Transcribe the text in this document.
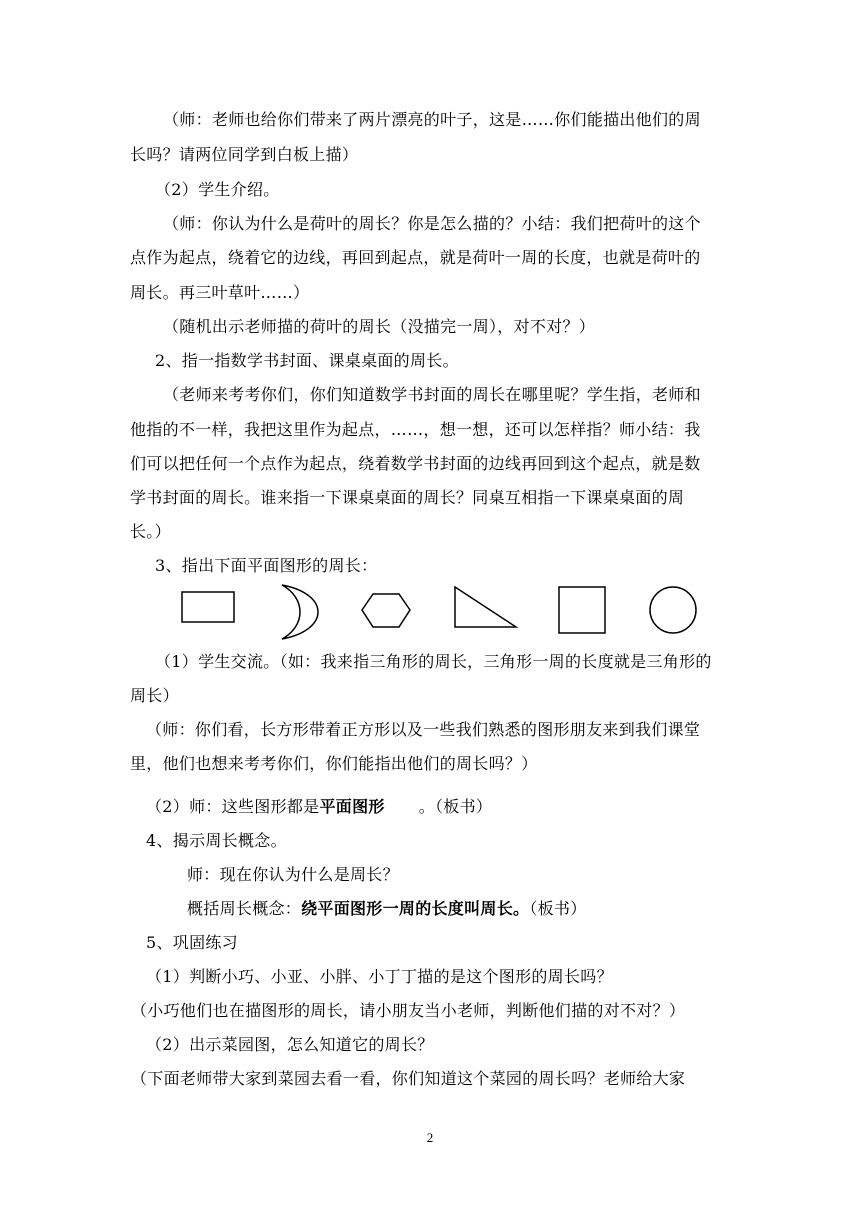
（师：老师也给你们带来了两片漂亮的叶子，这是……你们能描出他们的周
长吗？请两位同学到白板上描）
（2）学生介绍。
（师：你认为什么是荷叶的周长？你是怎么描的？小结：我们把荷叶的这个
点作为起点，绕着它的边线，再回到起点，就是荷叶一周的长度，也就是荷叶的
周长。再三叶草叶……）
（随机出示老师描的荷叶的周长（没描完一周），对不对？）
2、指一指数学书封面、课桌桌面的周长。
（老师来考考你们，你们知道数学书封面的周长在哪里呢？学生指，老师和
他指的不一样，我把这里作为起点，……，想一想，还可以怎样指？师小结：我
们可以把任何一个点作为起点，绕着数学书封面的边线再回到这个起点，就是数
学书封面的周长。谁来指一下课桌桌面的周长？同桌互相指一下课桌桌面的周
长。）
3、指出下面平面图形的周长：
（1）学生交流。（如：我来指三角形的周长，三角形一周的长度就是三角形的
周长）
（师：你们看，长方形带着正方形以及一些我们熟悉的图形朋友来到我们课堂
里，他们也想来考考你们，你们能指出他们的周长吗？）
（2）师：这些图形都是平面图形 。（板书）
4、揭示周长概念。
师：现在你认为什么是周长？
概括周长概念：绕平面图形一周的长度叫周长。（板书）
5、巩固练习
（1）判断小巧、小亚、小胖、小丁丁描的是这个图形的周长吗？
（小巧他们也在描图形的周长，请小朋友当小老师，判断他们描的对不对？）
（2）出示菜园图，怎么知道它的周长？
（下面老师带大家到菜园去看一看，你们知道这个菜园的周长吗？老师给大家
2
